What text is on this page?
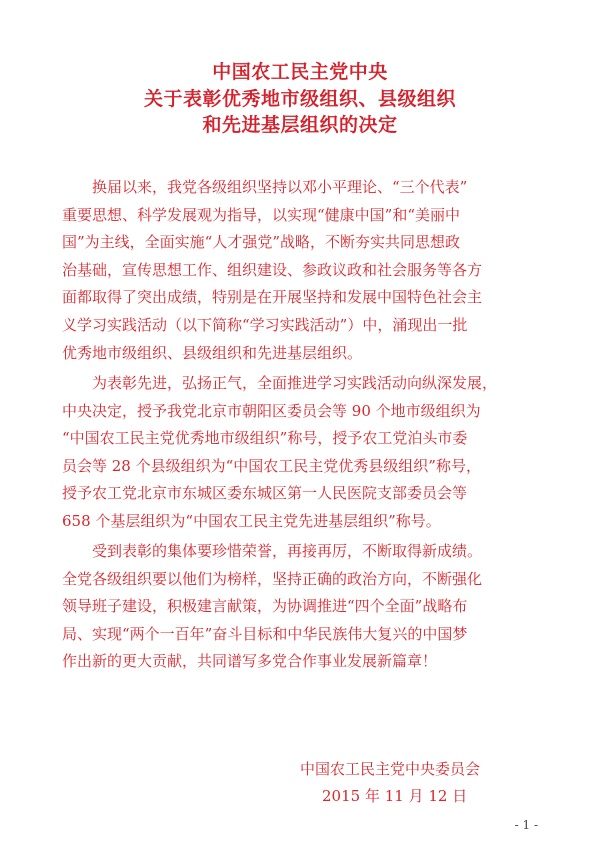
中国农工民主党中央
关于表彰优秀地市级组织、县级组织
和先进基层组织的决定
换届以来，我党各级组织坚持以邓小平理论、“三个代表”
重要思想、科学发展观为指导，以实现“健康中国”和“美丽中
国”为主线，全面实施“人才强党”战略，不断夯实共同思想政
治基础，宣传思想工作、组织建设、参政议政和社会服务等各方
面都取得了突出成绩，特别是在开展坚持和发展中国特色社会主
义学习实践活动（以下简称“学习实践活动”）中，涌现出一批
优秀地市级组织、县级组织和先进基层组织。
为表彰先进，弘扬正气，全面推进学习实践活动向纵深发展，
中央决定，授予我党北京市朝阳区委员会等 90 个地市级组织为
“中国农工民主党优秀地市级组织”称号，授予农工党泊头市委
员会等 28 个县级组织为“中国农工民主党优秀县级组织”称号，
授予农工党北京市东城区委东城区第一人民医院支部委员会等
658 个基层组织为“中国农工民主党先进基层组织”称号。
受到表彰的集体要珍惜荣誉，再接再厉，不断取得新成绩。
全党各级组织要以他们为榜样，坚持正确的政治方向，不断强化
领导班子建设，积极建言献策，为协调推进“四个全面”战略布
局、实现“两个一百年”奋斗目标和中华民族伟大复兴的中国梦
作出新的更大贡献，共同谱写多党合作事业发展新篇章！
中国农工民主党中央委员会
2015 年 11 月 12 日
- 1 -
